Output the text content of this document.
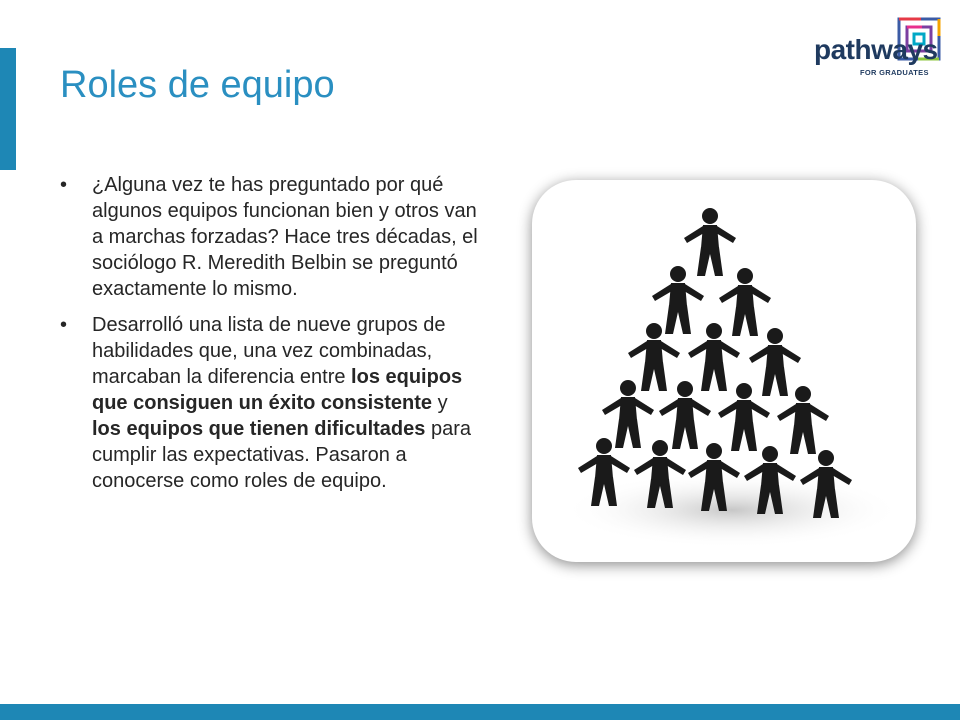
Roles de equipo
pathways
FOR GRADUATES
• ¿Alguna vez te has preguntado por qué algunos equipos funcionan bien y otros van a marchas forzadas? Hace tres décadas, el sociólogo R. Meredith Belbin se preguntó exactamente lo mismo.
• Desarrolló una lista de nueve grupos de habilidades que, una vez combinadas, marcaban la diferencia entre los equipos que consiguen un éxito consistente y los equipos que tienen dificultades para cumplir las expectativas. Pasaron a conocerse como roles de equipo.
